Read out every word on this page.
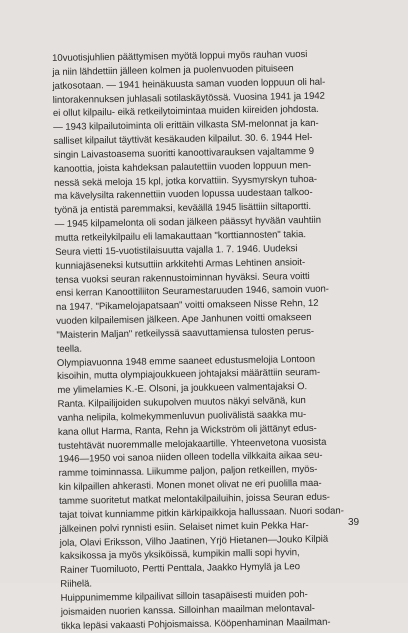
10vuotisjuhlien päättymisen myötä loppui myös rauhan vuosi
ja niin lähdettiin jälleen kolmen ja puolenvuoden pituiseen
jatkosotaan. — 1941 heinäkuusta saman vuoden loppuun oli hal-
lintorakennuksen juhlasali sotilaskäytössä. Vuosina 1941 ja 1942
ei ollut kilpailu- eikä retkeilytoimintaa muiden kiireiden johdosta.
— 1943 kilpailutoiminta oli erittäin vilkasta SM-melonnat ja kan-
salliset kilpailut täyttivät kesäkauden kilpailut. 30. 6. 1944 Hel-
singin Laivastoasema suoritti kanoottivarauksen vajaltamme 9
kanoottia, joista kahdeksan palautettiin vuoden loppuun men-
nessä sekä meloja 15 kpl, jotka korvattiin. Syysmyrskyn tuhoa-
ma kävelysilta rakennettiin vuoden lopussa uudestaan talkoo-
työnä ja entistä paremmaksi, keväällä 1945 lisättiin siltaportti.
— 1945 kilpamelonta oli sodan jälkeen päässyt hyvään vauhtiin
mutta retkeilykilpailu eli lamakauttaan "korttiannosten" takia.
Seura vietti 15-vuotistilaisuutta vajalla 1. 7. 1946. Uudeksi
kunniajäseneksi kutsuttiin arkkitehti Armas Lehtinen ansioit-
tensa vuoksi seuran rakennustoiminnan hyväksi. Seura voitti
ensi kerran Kanoottiliiton Seuramestaruuden 1946, samoin vuon-
na 1947. "Pikamelojapatsaan" voitti omakseen Nisse Rehn, 12
vuoden kilpailemisen jälkeen. Ape Janhunen voitti omakseen
"Maisterin Maljan" retkeilyssä saavuttamiensa tulosten perus-
teella.
Olympiavuonna 1948 emme saaneet edustusmelojia Lontoon
kisoihin, mutta olympiajoukkueen johtajaksi määrättiin seuram-
me ylimelamies K.-E. Olsoni, ja joukkueen valmentajaksi O.
Ranta. Kilpailijoiden sukupolven muutos näkyi selvänä, kun
vanha nelipila, kolmekymmenluvun puolivälistä saakka mu-
kana ollut Harma, Ranta, Rehn ja Wickström oli jättänyt edus-
tustehtävät nuoremmalle melojakaartille. Yhteenvetona vuosista
1946—1950 voi sanoa niiden olleen todella vilkkaita aikaa seu-
ramme toiminnassa. Liikumme paljon, paljon retkeillen, myös-
kin kilpaillen ahkerasti. Monen monet olivat ne eri puolilla maa-
tamme suoritetut matkat melontakilpailuihin, joissa Seuran edus-
tajat toivat kunniamme pitkin kärkipaikkoja hallussaan. Nuori sodan-
jälkeinen polvi rynnisti esiin. Selaiset nimet kuin Pekka Har-
jola, Olavi Eriksson, Vilho Jaatinen, Yrjö Hietanen—Jouko Kilpiä
kaksikossa ja myös yksiköissä, kumpikin malli sopi hyvin,
Rainer Tuomiluoto, Pertti Penttala, Jaakko Hymylä ja Leo
Riihelä.
Huippunimemme kilpailivat silloin tasapäisesti muiden poh-
joismaiden nuorien kanssa. Silloinhan maailman melontaval-
tikka lepäsi vakaasti Pohjoismaissa. Kööpenhaminan Maailman-
39
